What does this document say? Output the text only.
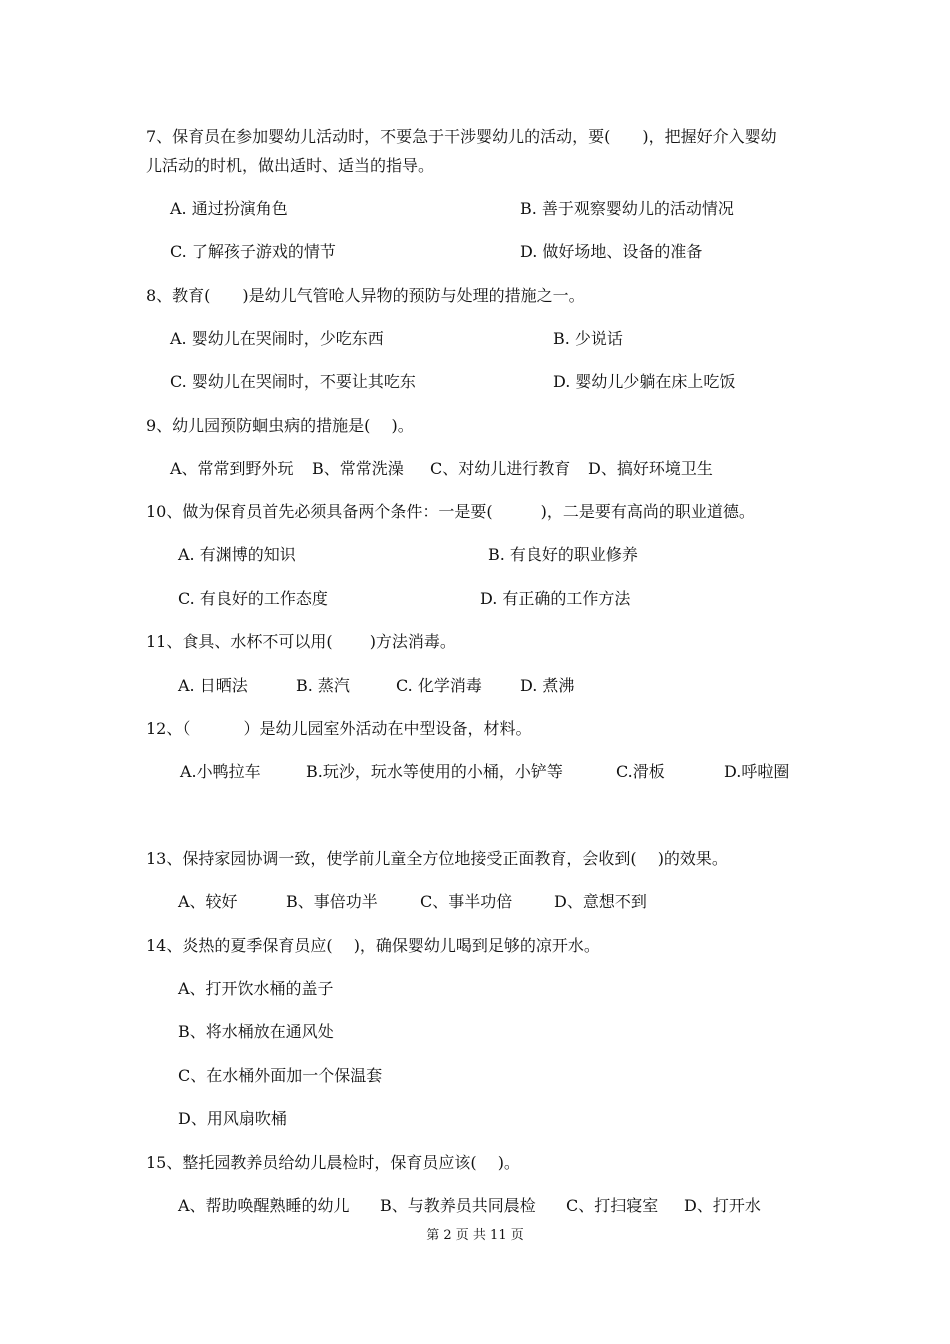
7、保育员在参加婴幼儿活动时，不要急于干涉婴幼儿的活动，要(　　)，把握好介入婴幼
儿活动的时机，做出适时、适当的指导。
A. 通过扮演角色	B. 善于观察婴幼儿的活动情况
C. 了解孩子游戏的情节	D. 做好场地、设备的准备
8、教育(　　)是幼儿气管呛人异物的预防与处理的措施之一。
A. 婴幼儿在哭闹时，少吃东西	B. 少说话
C. 婴幼儿在哭闹时，不要让其吃东	D. 婴幼儿少躺在床上吃饭
9、幼儿园预防蛔虫病的措施是(　 )。
A、常常到野外玩 B、常常洗澡 C、对幼儿进行教育 D、搞好环境卫生
10、做为保育员首先必须具备两个条件：一是要(　　　)，二是要有高尚的职业道德。
A. 有渊博的知识	B. 有良好的职业修养
C. 有良好的工作态度	D. 有正确的工作方法
11、食具、水杯不可以用(　　 )方法消毒。
A. 日晒法	B. 蒸汽	C. 化学消毒 D. 煮沸
12、（　　　 ）是幼儿园室外活动在中型设备，材料。
A.小鸭拉车	B.玩沙，玩水等使用的小桶，小铲等	C.滑板	D.呼啦圈
13、保持家园协调一致，使学前儿童全方位地接受正面教育，会收到(　 )的效果。
A、较好	B、事倍功半	C、事半功倍	D、意想不到
14、炎热的夏季保育员应(　 )，确保婴幼儿喝到足够的凉开水。
A、打开饮水桶的盖子
B、将水桶放在通风处
C、在水桶外面加一个保温套
D、用风扇吹桶
15、整托园教养员给幼儿晨检时，保育员应该(　 )。
A、帮助唤醒熟睡的幼儿 B、与教养员共同晨检 C、打扫寝室 D、打开水
第 2 页 共 11 页
